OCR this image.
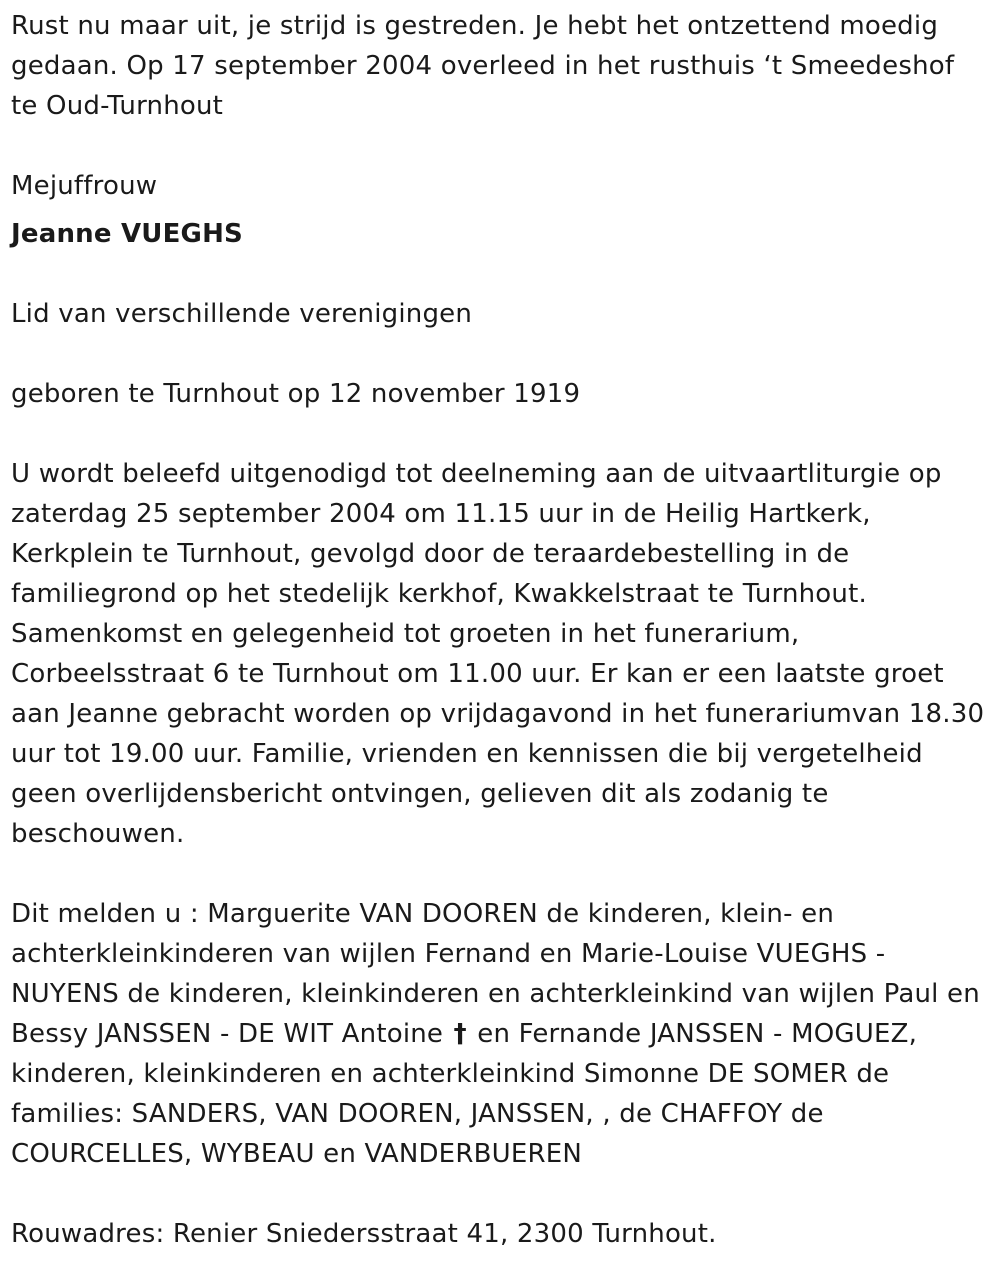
Rust nu maar uit, je strijd is gestreden. Je hebt het ontzettend moedig gedaan. Op 17 september 2004 overleed in het rusthuis ‘t Smeedeshof te Oud-Turnhout

Mejuffrouw

Jeanne VUEGHS

Lid van verschillende verenigingen

geboren te Turnhout op 12 november 1919

U wordt beleefd uitgenodigd tot deelneming aan de uitvaartliturgie op zaterdag 25 september 2004 om 11.15 uur in de Heilig Hartkerk, Kerkplein te Turnhout, gevolgd door de teraardebestelling in de familiegrond op het stedelijk kerkhof, Kwakkelstraat te Turnhout. Samenkomst en gelegenheid tot groeten in het funerarium, Corbeelsstraat 6 te Turnhout om 11.00 uur. Er kan er een laatste groet aan Jeanne gebracht worden op vrijdagavond in het funerariumvan 18.30 uur tot 19.00 uur. Familie, vrienden en kennissen die bij vergetelheid geen overlijdensbericht ontvingen, gelieven dit als zodanig te beschouwen.

Dit melden u : Marguerite VAN DOOREN de kinderen, klein- en achterkleinkinderen van wijlen Fernand en Marie-Louise VUEGHS - NUYENS de kinderen, kleinkinderen en achterkleinkind van wijlen Paul en Bessy JANSSEN - DE WIT Antoine † en Fernande JANSSEN - MOGUEZ, kinderen, kleinkinderen en achterkleinkind Simonne DE SOMER de families: SANDERS, VAN DOOREN, JANSSEN, , de CHAFFOY de COURCELLES, WYBEAU en VANDERBUEREN

Rouwadres: Renier Sniedersstraat 41, 2300 Turnhout.
